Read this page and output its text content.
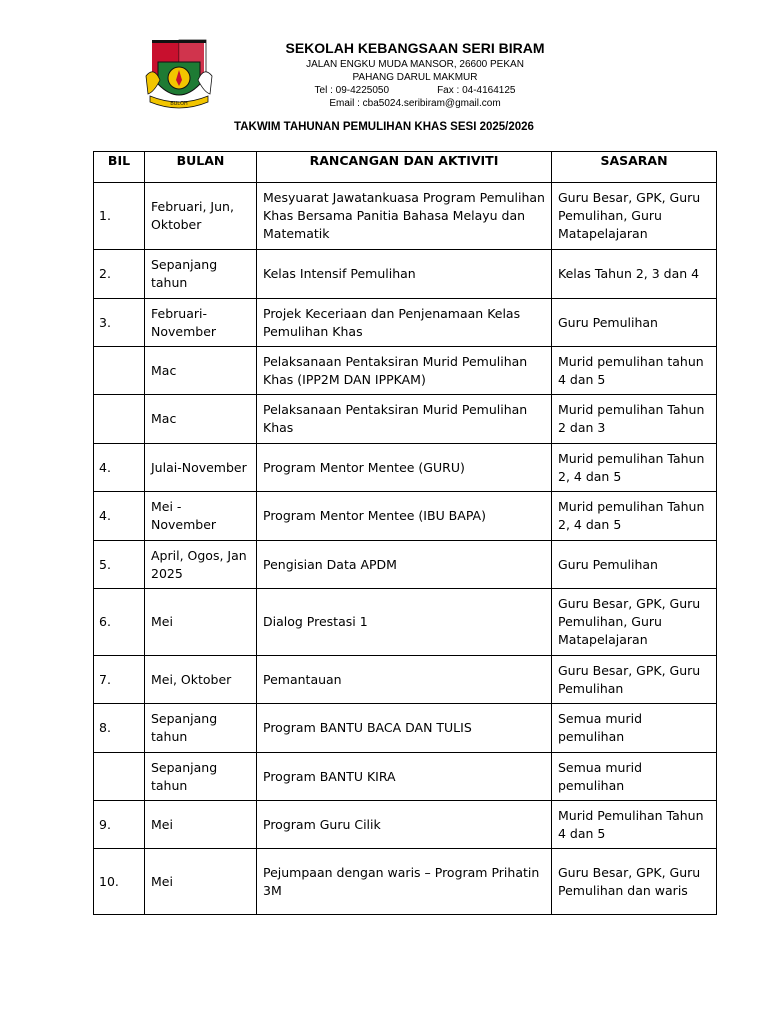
BULOH
SEKOLAH KEBANGSAAN SERI BIRAM
JALAN ENGKU MUDA MANSOR, 26600 PEKAN
PAHANG DARUL MAKMUR
Tel : 09-4225050	Fax : 04-4164125
Email : cba5024.seribiram@gmail.com
TAKWIM TAHUNAN PEMULIHAN KHAS SESI 2025/2026
BIL	BULAN	RANCANGAN DAN AKTIVITI	SASARAN
1.	Februari, Jun, Oktober	Mesyuarat Jawatankuasa Program Pemulihan Khas Bersama Panitia Bahasa Melayu dan Matematik	Guru Besar, GPK, Guru Pemulihan, Guru Matapelajaran
2.	Sepanjang tahun	Kelas Intensif Pemulihan	Kelas Tahun 2, 3 dan 4
3.	Februari-November	Projek Keceriaan dan Penjenamaan Kelas Pemulihan Khas	Guru Pemulihan
	Mac	Pelaksanaan Pentaksiran Murid Pemulihan Khas (IPP2M DAN IPPKAM)	Murid pemulihan tahun 4 dan 5
	Mac	Pelaksanaan Pentaksiran Murid Pemulihan Khas	Murid pemulihan Tahun 2 dan 3
4.	Julai-November	Program Mentor Mentee (GURU)	Murid pemulihan Tahun 2, 4 dan 5
4.	Mei - November	Program Mentor Mentee (IBU BAPA)	Murid pemulihan Tahun 2, 4 dan 5
5.	April, Ogos, Jan 2025	Pengisian Data APDM	Guru Pemulihan
6.	Mei	Dialog Prestasi 1	Guru Besar, GPK, Guru Pemulihan, Guru Matapelajaran
7.	Mei, Oktober	Pemantauan	Guru Besar, GPK, Guru Pemulihan
8.	Sepanjang tahun	Program BANTU BACA DAN TULIS	Semua murid pemulihan
	Sepanjang tahun	Program BANTU KIRA	Semua murid pemulihan
9.	Mei	Program Guru Cilik	Murid Pemulihan Tahun 4 dan 5
10.	Mei	Pejumpaan dengan waris – Program Prihatin 3M	Guru Besar, GPK, Guru Pemulihan dan waris
